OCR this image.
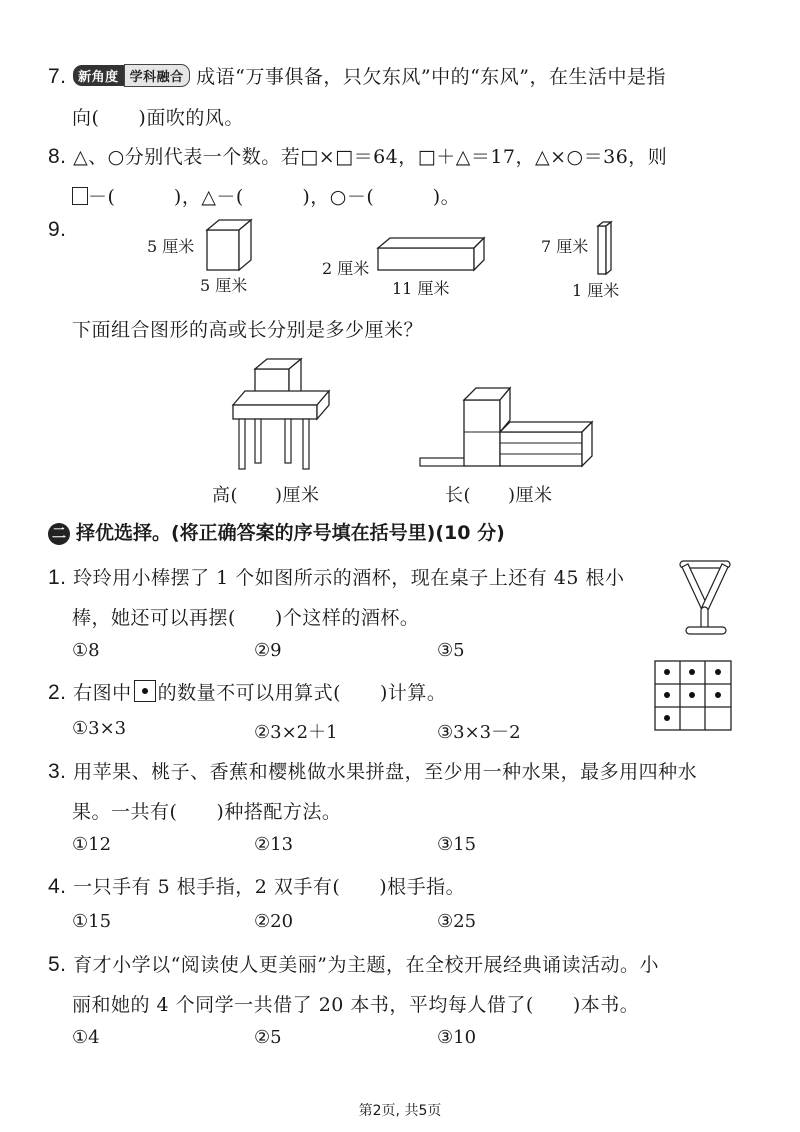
7. 新角度 学科融合 成语“万事俱备，只欠东风”中的“东风”，在生活中是指
向(　　)面吹的风。
8. △、○分别代表一个数。若□×□＝64，□＋△＝17，△×○＝36，则
－(　　　)，△－(　　　)，○－(　　　)。
9.
5 厘米
5 厘米
2 厘米
11 厘米
7 厘米
1 厘米
下面组合图形的高或长分别是多少厘米？
高(　　)厘米	长(　　)厘米
二 择优选择。(将正确答案的序号填在括号里)(10 分)
1. 玲玲用小棒摆了 1 个如图所示的酒杯，现在桌子上还有 45 根小
棒，她还可以再摆(　　)个这样的酒杯。
①8	②9	③5
2. 右图中 的数量不可以用算式(　　)计算。
①3×3	②3×2＋1	③3×3－2
3. 用苹果、桃子、香蕉和樱桃做水果拼盘，至少用一种水果，最多用四种水
果。一共有(　　)种搭配方法。
①12	②13	③15
4. 一只手有 5 根手指，2 双手有(　　)根手指。
①15	②20	③25
5. 育才小学以“阅读使人更美丽”为主题，在全校开展经典诵读活动。小
丽和她的 4 个同学一共借了 20 本书，平均每人借了(　　)本书。
①4	②5	③10
第2页, 共5页
